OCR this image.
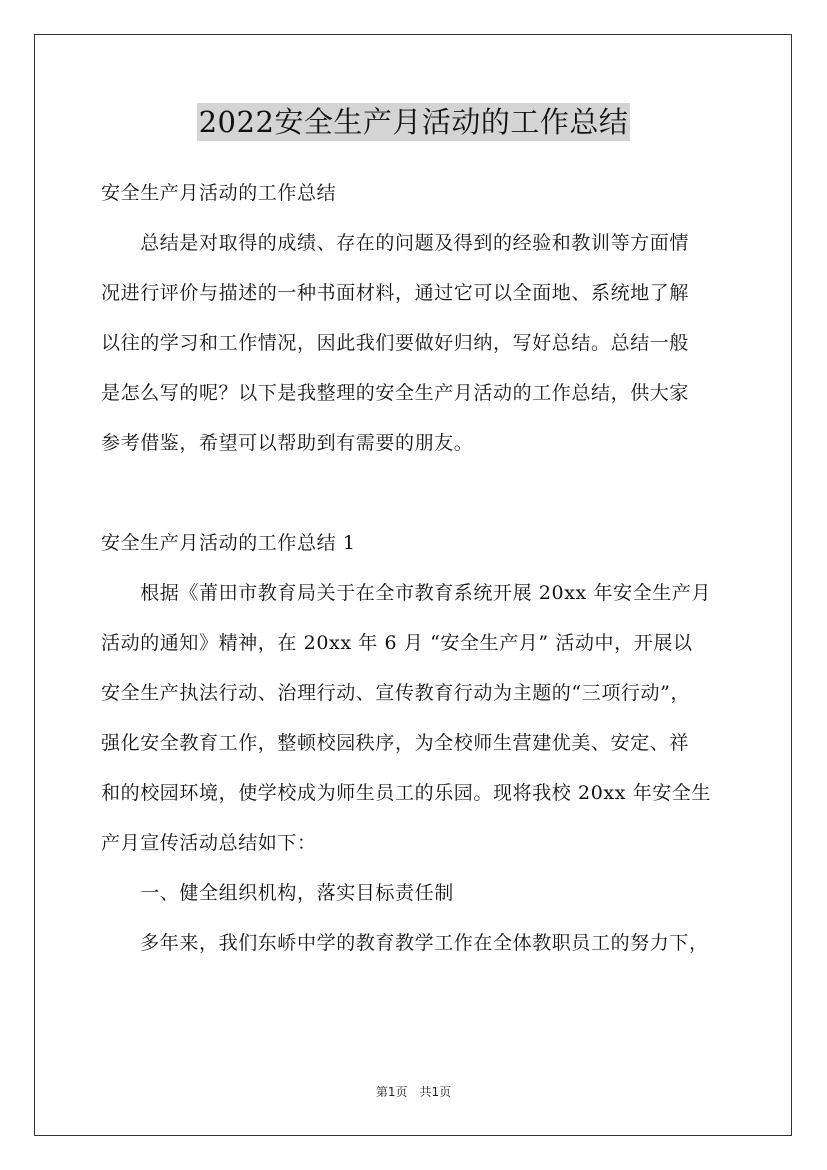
2022安全生产月活动的工作总结
安全生产月活动的工作总结
　　总结是对取得的成绩、存在的问题及得到的经验和教训等方面情
况进行评价与描述的一种书面材料，通过它可以全面地、系统地了解
以往的学习和工作情况，因此我们要做好归纳，写好总结。总结一般
是怎么写的呢？以下是我整理的安全生产月活动的工作总结，供大家
参考借鉴，希望可以帮助到有需要的朋友。
安全生产月活动的工作总结 1
　　根据《莆田市教育局关于在全市教育系统开展 20xx 年安全生产月
活动的通知》精神，在 20xx 年 6 月 “安全生产月” 活动中，开展以
安全生产执法行动、治理行动、宣传教育行动为主题的“三项行动”，
强化安全教育工作，整顿校园秩序，为全校师生营建优美、安定、祥
和的校园环境，使学校成为师生员工的乐园。现将我校 20xx 年安全生
产月宣传活动总结如下：
　　一、健全组织机构，落实目标责任制
　　多年来，我们东峤中学的教育教学工作在全体教职员工的努力下，
第1页　共1页
